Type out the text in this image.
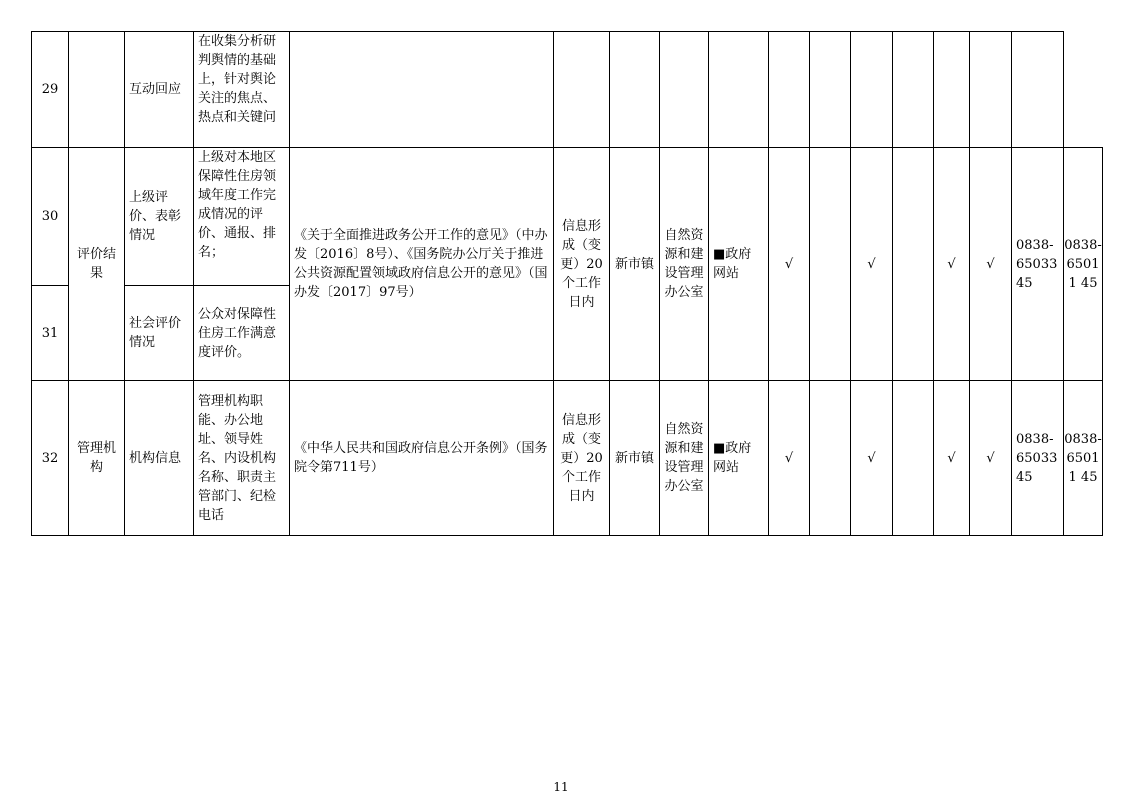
29		互动回应	在收集分析研判舆情的基础上，针对舆论关注的焦点、热点和关键问													

30	评价结果	上级评价、表彰情况	上级对本地区保障性住房领域年度工作完成情况的评价、通报、排名；	《关于全面推进政务公开工作的意见》（中办发〔2016〕8号）、《国务院办公厅关于推进公共资源配置领域政府信息公开的意见》（国办发〔2017〕97号）	信息形成（变更）20个工作日内	新市镇	自然资源和建设管理办公室	■政府网站	√		√		√	√	0838-6503345	0838-65011 45
31		社会评价情况	公众对保障性住房工作满意度评价。													
32	管理机构	机构信息	管理机构职能、办公地址、领导姓名、内设机构名称、职责主管部门、纪检电话	《中华人民共和国政府信息公开条例》（国务院令第711号）	信息形成（变更）20个工作日内	新市镇	自然资源和建设管理办公室	■政府网站	√		√		√	√	0838-6503345	0838-65011 45
11
